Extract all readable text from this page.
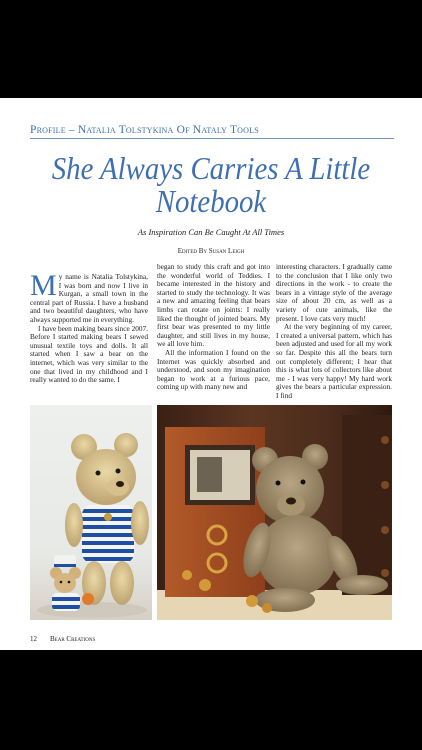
Profile – Natalia Tolstykina Of Nataly Tools
She Always Carries A Little
Notebook
As Inspiration Can Be Caught At All Times
Edited By Susan Leigh

My name is Natalia Tolstykina, I was born and now I live in Kurgan, a small town in the central part of Russia. I have a husband and two beautiful daughters, who have always supported me in everything.

I have been making bears since 2007. Before I started making bears I sewed unusual textile toys and dolls. It all started when I saw a bear on the internet, which was very similar to the one that lived in my childhood and I really wanted to do the same. I

began to study this craft and got into the wonderful world of Teddies. I became interested in the history and started to study the technology. It was a new and amazing feeling that bears limbs can rotate on joints: I really liked the thought of jointed bears. My first bear was presented to my little daughter, and still lives in my house, we all love him.

All the information I found on the Internet was quickly absorbed and understood, and soon my imagination began to work at a furious pace, coming up with many new and

interesting characters. I gradually came to the conclusion that I like only two directions in the work - to create the bears in a vintage style of the average size of about 20 cm, as well as a variety of cute animals, like the present. I love cats very much!

At the very beginning of my career, I created a universal pattern, which has been adjusted and used for all my work so far. Despite this all the bears turn out completely different; I hear that this is what lots of collectors like about me - I was very happy! My hard work gives the bears a particular expression. I find

12 Bear Creations
